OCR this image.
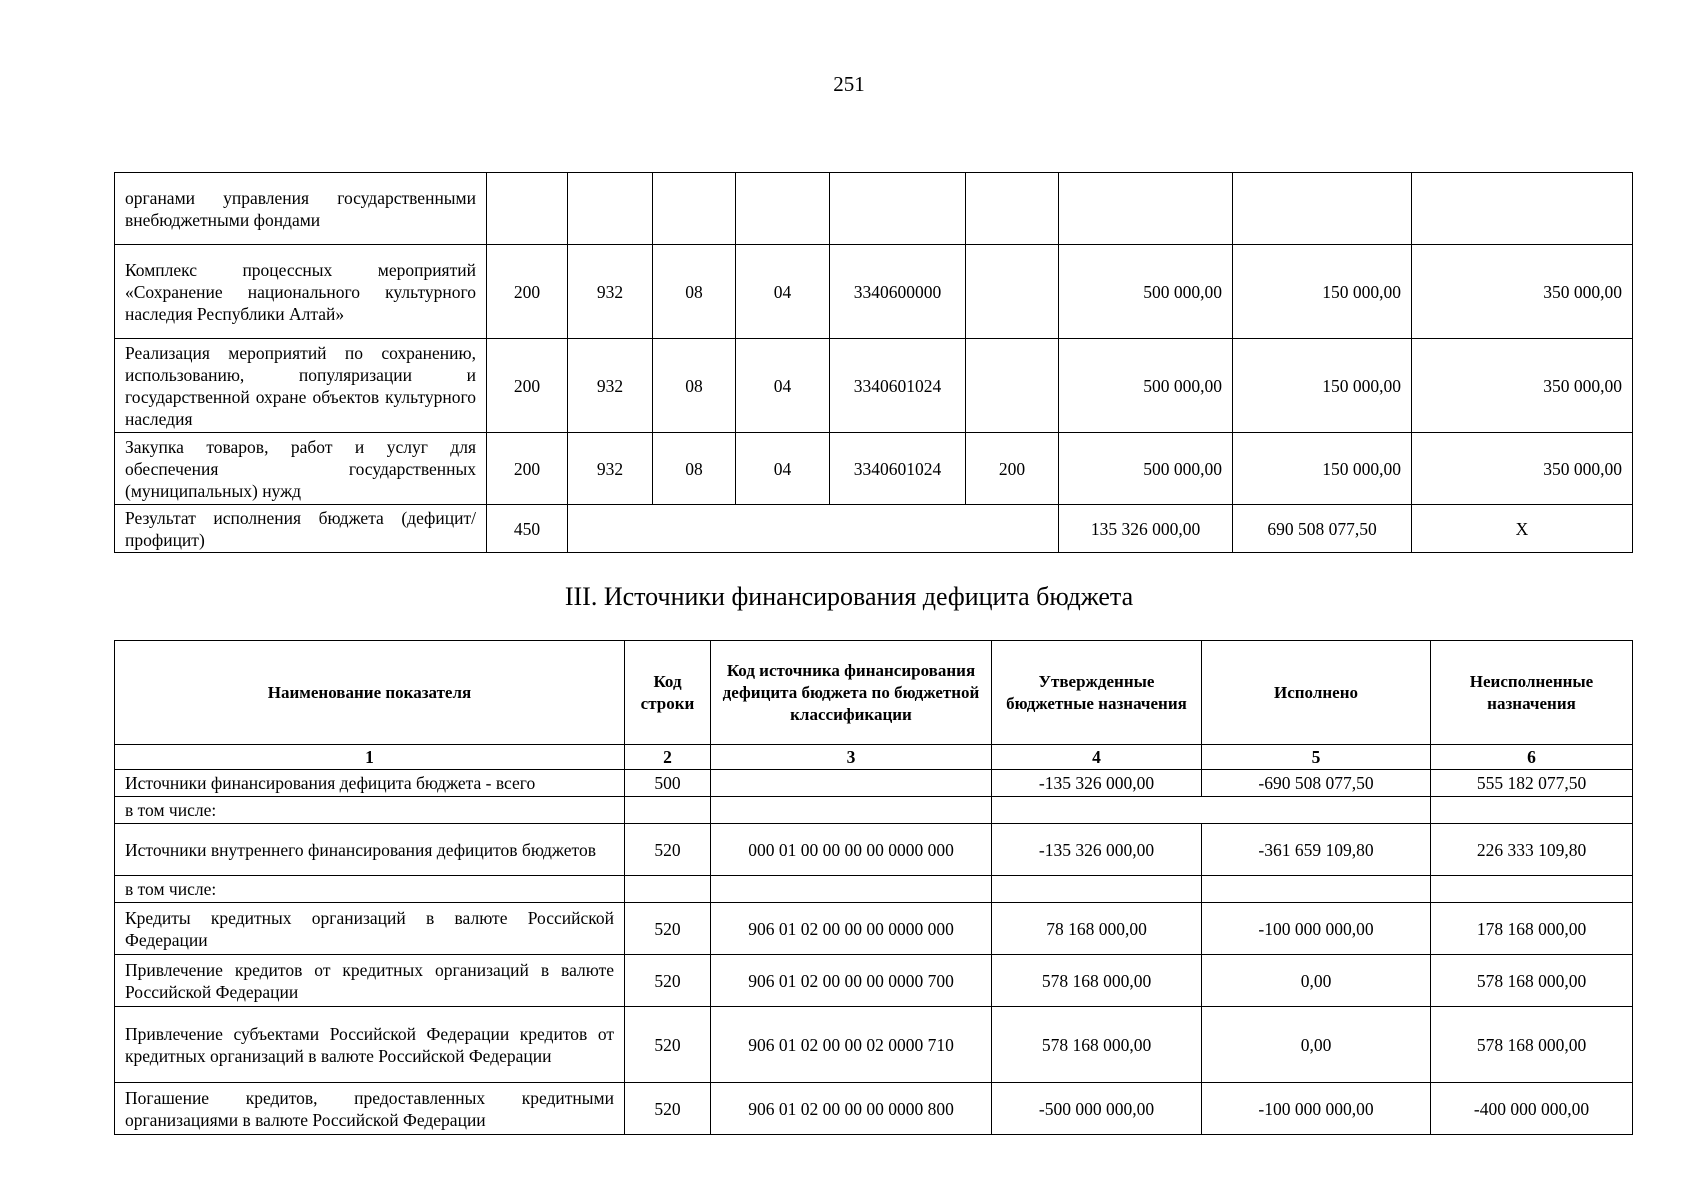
251
органами управления государственными внебюджетными фондами									
Комплекс процессных мероприятий «Сохранение национального культурного наследия Республики Алтай»	200	932	08	04	3340600000		500 000,00	150 000,00	350 000,00
Реализация мероприятий по сохранению, использованию, популяризации и государственной охране объектов культурного наследия	200	932	08	04	3340601024		500 000,00	150 000,00	350 000,00
Закупка товаров, работ и услуг для обеспечения государственных (муниципальных) нужд	200	932	08	04	3340601024	200	500 000,00	150 000,00	350 000,00
Результат исполнения бюджета (дефицит/профицит)	450						135 326 000,00	690 508 077,50	X
III. Источники финансирования дефицита бюджета
Наименование показателя	Код строки	Код источника финансирования дефицита бюджета по бюджетной классификации	Утвержденные бюджетные назначения	Исполнено	Неисполненные назначения
1	2	3	4	5	6
Источники финансирования дефицита бюджета - всего	500		-135 326 000,00	-690 508 077,50	555 182 077,50
в том числе:					
Источники внутреннего финансирования дефицитов бюджетов	520	000 01 00 00 00 00 0000 000	-135 326 000,00	-361 659 109,80	226 333 109,80
в том числе:					
Кредиты кредитных организаций в валюте Российской Федерации	520	906 01 02 00 00 00 0000 000	78 168 000,00	-100 000 000,00	178 168 000,00
Привлечение кредитов от кредитных организаций в валюте Российской Федерации	520	906 01 02 00 00 00 0000 700	578 168 000,00	0,00	578 168 000,00
Привлечение субъектами Российской Федерации кредитов от кредитных организаций в валюте Российской Федерации	520	906 01 02 00 00 02 0000 710	578 168 000,00	0,00	578 168 000,00
Погашение кредитов, предоставленных кредитными организациями в валюте Российской Федерации	520	906 01 02 00 00 00 0000 800	-500 000 000,00	-100 000 000,00	-400 000 000,00
